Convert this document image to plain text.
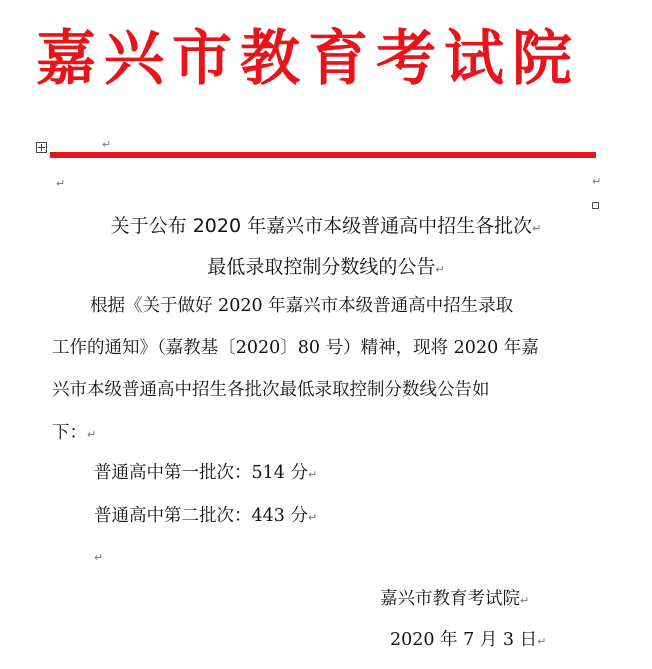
嘉兴市教育考试院
↵
↵	↵
关于公布 2020 年嘉兴市本级普通高中招生各批次↵
最低录取控制分数线的公告↵
根据《关于做好 2020 年嘉兴市本级普通高中招生录取
工作的通知》（嘉教基〔2020〕80 号）精神，现将 2020 年嘉
兴市本级普通高中招生各批次最低录取控制分数线公告如
下：↵
普通高中第一批次：514 分↵
普通高中第二批次：443 分↵
↵
嘉兴市教育考试院↵
2020 年 7 月 3 日↵
